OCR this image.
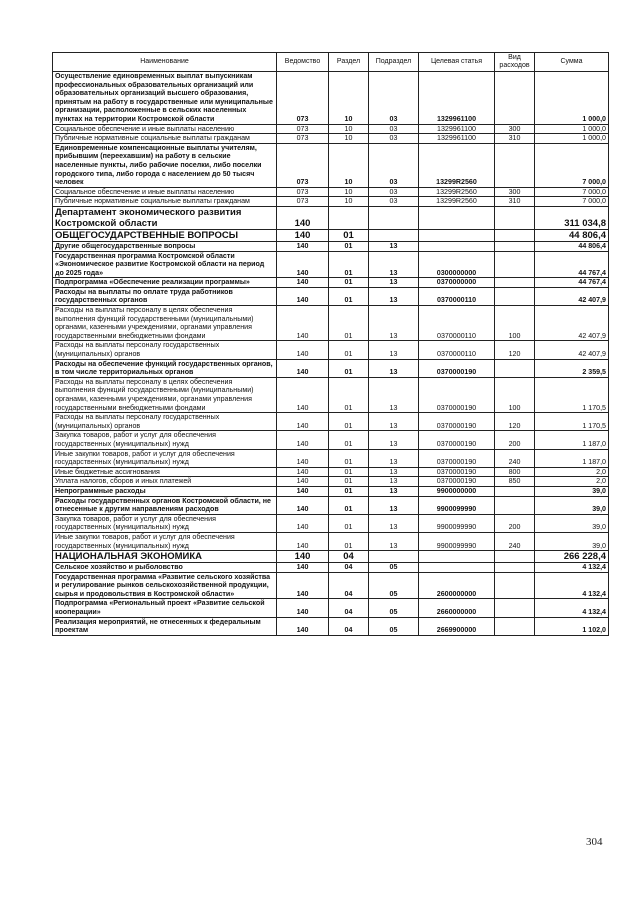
Наименование	Ведомство	Раздел	Подраздел	Целевая статья	Вид расходов	Сумма
Осуществление единовременных выплат выпускникам профессиональных образовательных организаций или образовательных организаций высшего образования, принятым на работу в государственные или муниципальные организации, расположенные в сельских населенных пунктах на территории Костромской области	073	10	03	1329961100		1 000,0
Социальное обеспечение и иные выплаты населению	073	10	03	1329961100	300	1 000,0
Публичные нормативные социальные выплаты гражданам	073	10	03	1329961100	310	1 000,0
Единовременные компенсационные выплаты учителям, прибывшим (переехавшим) на работу в сельские населенные пункты, либо рабочие поселки, либо поселки городского типа, либо города с населением до 50 тысяч человек	073	10	03	13299R2560		7 000,0
Социальное обеспечение и иные выплаты населению	073	10	03	13299R2560	300	7 000,0
Публичные нормативные социальные выплаты гражданам	073	10	03	13299R2560	310	7 000,0
Департамент экономического развития Костромской области	140					311 034,8
ОБЩЕГОСУДАРСТВЕННЫЕ ВОПРОСЫ	140	01				44 806,4
Другие общегосударственные вопросы	140	01	13			44 806,4
Государственная программа Костромской области «Экономическое развитие Костромской области на период до 2025 года»	140	01	13	0300000000		44 767,4
Подпрограмма «Обеспечение реализации программы»	140	01	13	0370000000		44 767,4
Расходы на выплаты по оплате труда работников государственных органов	140	01	13	0370000110		42 407,9
Расходы на выплаты персоналу в целях обеспечения выполнения функций государственными (муниципальными) органами, казенными учреждениями, органами управления государственными внебюджетными фондами	140	01	13	0370000110	100	42 407,9
Расходы на выплаты персоналу государственных (муниципальных) органов	140	01	13	0370000110	120	42 407,9
Расходы на обеспечение функций государственных органов, в том числе территориальных органов	140	01	13	0370000190		2 359,5
Расходы на выплаты персоналу в целях обеспечения выполнения функций государственными (муниципальными) органами, казенными учреждениями, органами управления государственными внебюджетными фондами	140	01	13	0370000190	100	1 170,5
Расходы на выплаты персоналу государственных (муниципальных) органов	140	01	13	0370000190	120	1 170,5
Закупка товаров, работ и услуг для обеспечения государственных (муниципальных) нужд	140	01	13	0370000190	200	1 187,0
Иные закупки товаров, работ и услуг для обеспечения государственных (муниципальных) нужд	140	01	13	0370000190	240	1 187,0
Иные бюджетные ассигнования	140	01	13	0370000190	800	2,0
Уплата налогов, сборов и иных платежей	140	01	13	0370000190	850	2,0
Непрограммные расходы	140	01	13	9900000000		39,0
Расходы государственных органов Костромской области, не отнесенные к другим направлениям расходов	140	01	13	9900099990		39,0
Закупка товаров, работ и услуг для обеспечения государственных (муниципальных) нужд	140	01	13	9900099990	200	39,0
Иные закупки товаров, работ и услуг для обеспечения государственных (муниципальных) нужд	140	01	13	9900099990	240	39,0
НАЦИОНАЛЬНАЯ ЭКОНОМИКА	140	04				266 228,4
Сельское хозяйство и рыболовство	140	04	05			4 132,4
Государственная программа «Развитие сельского хозяйства и регулирование рынков сельскохозяйственной продукции, сырья и продовольствия в Костромской области»	140	04	05	2600000000		4 132,4
Подпрограмма «Региональный проект «Развитие сельской кооперации»	140	04	05	2660000000		4 132,4
Реализация мероприятий, не отнесенных к федеральным проектам	140	04	05	2669900000		1 102,0
304
